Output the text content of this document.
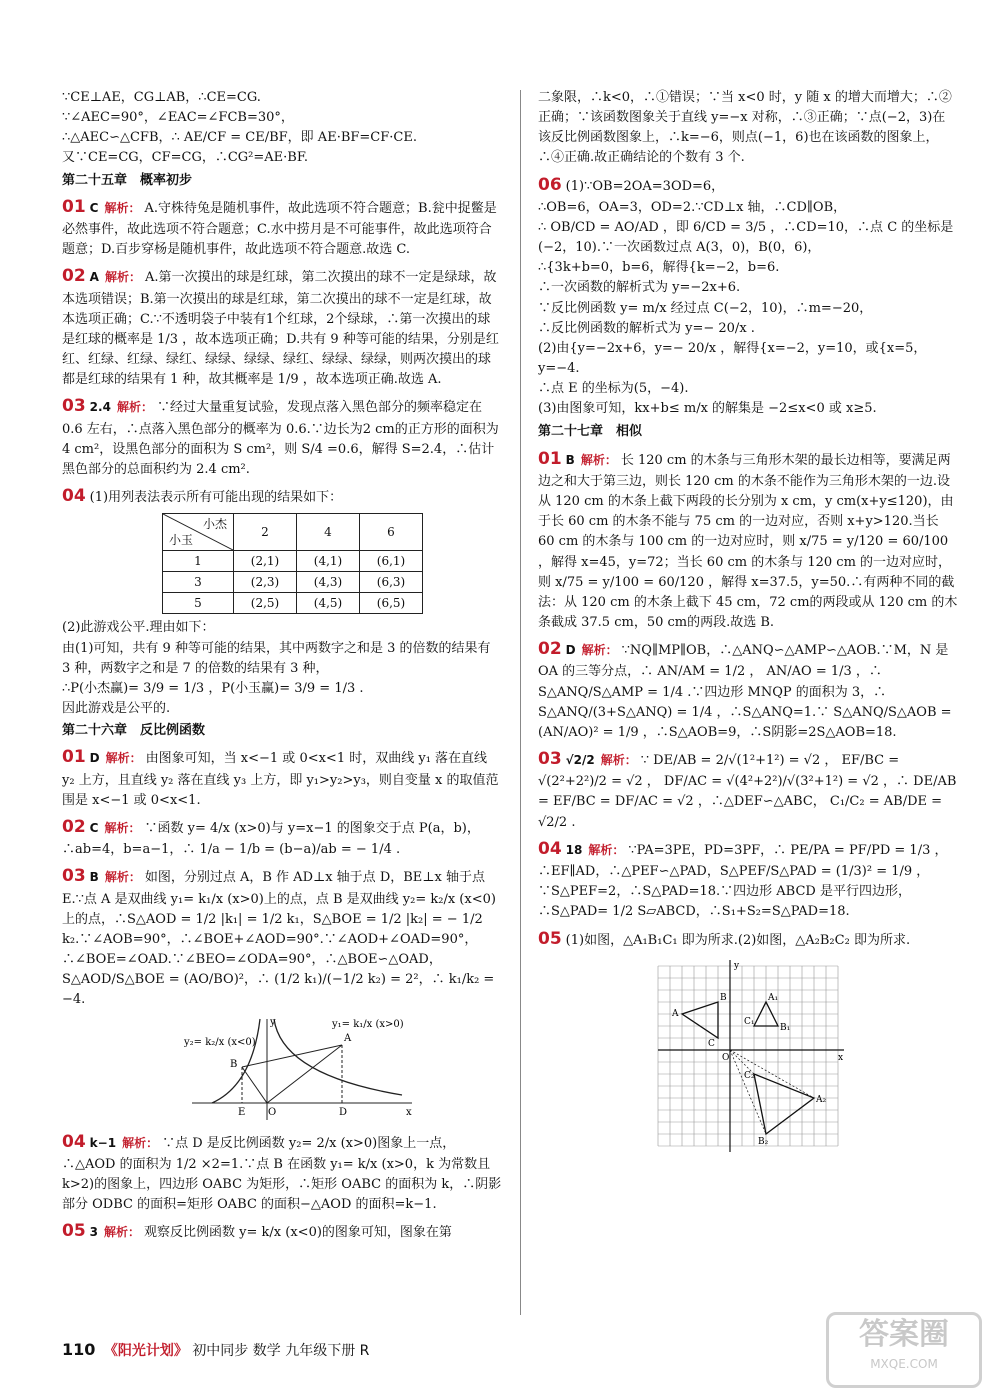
∵CE⊥AE，CG⊥AB，∴CE=CG.

∵∠AEC=90°，∠EAC=∠FCB=30°，

∴△AEC∽△CFB，∴ AE/CF = CE/BF，即 AE·BF=CF·CE.

又∵CE=CG，CF=CG，∴CG²=AE·BF.

第二十五章　概率初步
01 C 解析： A.守株待兔是随机事件，故此选项不符合题意；B.瓮中捉鳖是必然事件，故此选项不符合题意；C.水中捞月是不可能事件，故此选项符合题意；D.百步穿杨是随机事件，故此选项不符合题意.故选 C.
02 A 解析： A.第一次摸出的球是红球，第二次摸出的球不一定是绿球，故本选项错误；B.第一次摸出的球是红球，第二次摸出的球不一定是红球，故本选项正确；C.∵不透明袋子中装有1个红球，2个绿球，∴第一次摸出的球是红球的概率是 1/3 ，故本选项正确；D.共有 9 种等可能的结果，分别是红红、红绿、红绿、绿红、绿绿、绿绿、绿红、绿绿、绿绿，则两次摸出的球都是红球的结果有 1 种，故其概率是 1/9 ，故本选项正确.故选 A.
03 2.4 解析： ∵经过大量重复试验，发现点落入黑色部分的频率稳定在 0.6 左右，∴点落入黑色部分的概率为 0.6.∵边长为2 cm的正方形的面积为 4 cm²，设黑色部分的面积为 S cm²，则 S/4 =0.6，解得 S=2.4，∴估计黑色部分的总面积约为 2.4 cm².
04 (1)用列表法表示所有可能出现的结果如下：
小杰
小玉	2	4	6
1	(2,1)	(4,1)	(6,1)
3	(2,3)	(4,3)	(6,3)
5	(2,5)	(4,5)	(6,5)

(2)此游戏公平.理由如下：

由(1)可知，共有 9 种等可能的结果，其中两数字之和是 3 的倍数的结果有 3 种，两数字之和是 7 的倍数的结果有 3 种，

∴P(小杰赢)= 3/9 = 1/3 ，P(小玉赢)= 3/9 = 1/3 .

因此游戏是公平的.

第二十六章　反比例函数
01 D 解析： 由图象可知，当 x<−1 或 0<x<1 时，双曲线 y₁ 落在直线 y₂ 上方，且直线 y₂ 落在直线 y₃ 上方，即 y₁>y₂>y₃，则自变量 x 的取值范围是 x<−1 或 0<x<1.
02 C 解析： ∵函数 y= 4/x (x>0)与 y=x−1 的图象交于点 P(a，b)，∴ab=4，b=a−1，∴ 1/a − 1/b = (b−a)/ab = − 1/4 .
03 B 解析： 如图，分别过点 A，B 作 AD⊥x 轴于点 D，BE⊥x 轴于点 E.∵点 A 是双曲线 y₁= k₁/x (x>0)上的点，点 B 是双曲线 y₂= k₂/x (x<0)上的点，∴S△AOD = 1/2 |k₁| = 1/2 k₁，S△BOE = 1/2 |k₂| = − 1/2 k₂.∵∠AOB=90°，∴∠BOE+∠AOD=90°.∵∠AOD+∠OAD=90°，∴∠BOE=∠OAD.∵∠BEO=∠ODA=90°，∴△BOE∽△OAD，S△AOD/S△BOE = (AO/BO)²，∴ (1/2 k₁)/(−1/2 k₂) = 2²，∴ k₁/k₂ = −4.
y₂= k₂/x (x<0)
y₁= k₁/x (x>0)
y
x
A
B
E O	D
04 k−1 解析： ∵点 D 是反比例函数 y₂= 2/x (x>0)图象上一点，∴△AOD 的面积为 1/2 ×2=1.∵点 B 在函数 y₁= k/x (x>0，k 为常数且 k>2)的图象上，四边形 OABC 为矩形，∴矩形 OABC 的面积为 k，∴阴影部分 ODBC 的面积=矩形 OABC 的面积−△AOD 的面积=k−1.
05 3 解析： 观察反比例函数 y= k/x (x<0)的图象可知，图象在第

二象限，∴k<0，∴①错误；∵当 x<0 时，y 随 x 的增大而增大；∴②正确；∵该函数图象关于直线 y=−x 对称，∴③正确；∵点(−2，3)在该反比例函数图象上，∴k=−6，则点(−1，6)也在该函数的图象上，∴④正确.故正确结论的个数有 3 个.

06 (1)∵OB=2OA=3OD=6，

∴OB=6，OA=3，OD=2.∵CD⊥x 轴，∴CD∥OB，

∴ OB/CD = AO/AD ，即 6/CD = 3/5 ，∴CD=10，∴点 C 的坐标是(−2，10).∵一次函数过点 A(3，0)，B(0，6)，

∴{3k+b=0，b=6，解得{k=−2，b=6.

∴一次函数的解析式为 y=−2x+6.

∵反比例函数 y= m/x 经过点 C(−2，10)，∴m=−20，

∴反比例函数的解析式为 y=− 20/x .

(2)由{y=−2x+6，y=− 20/x ，解得{x=−2，y=10，或{x=5，y=−4.

∴点 E 的坐标为(5，−4).

(3)由图象可知，kx+b≤ m/x 的解集是 −2≤x<0 或 x≥5.

第二十七章　相似
01 B 解析： 长 120 cm 的木条与三角形木架的最长边相等，要满足两边之和大于第三边，则长 120 cm 的木条不能作为三角形木架的一边.设从 120 cm 的木条上截下两段的长分别为 x cm，y cm(x+y≤120)，由于长 60 cm 的木条不能与 75 cm 的一边对应，否则 x+y>120.当长 60 cm 的木条与 100 cm 的一边对应时，则 x/75 = y/120 = 60/100 ，解得 x=45，y=72；当长 60 cm 的木条与 120 cm 的一边对应时，则 x/75 = y/100 = 60/120 ，解得 x=37.5，y=50.∴有两种不同的截法：从 120 cm 的木条上截下 45 cm，72 cm的两段或从 120 cm 的木条截成 37.5 cm，50 cm的两段.故选 B.
02 D 解析： ∵NQ∥MP∥OB，∴△ANQ∽△AMP∽△AOB.∵M，N 是 OA 的三等分点，∴ AN/AM = 1/2 ， AN/AO = 1/3 ，∴ S△ANQ/S△AMP = 1/4 .∵四边形 MNQP 的面积为 3，∴ S△ANQ/(3+S△ANQ) = 1/4 ，∴S△ANQ=1.∵ S△ANQ/S△AOB = (AN/AO)² = 1/9 ，∴S△AOB=9，∴S阴影=2S△AOB=18.
03 √2/2 解析： ∵ DE/AB = 2/√(1²+1²) = √2 ， EF/BC = √(2²+2²)/2 = √2 ， DF/AC = √(4²+2²)/√(3²+1²) = √2 ，∴ DE/AB = EF/BC = DF/AC = √2 ，∴△DEF∽△ABC， C₁/C₂ = AB/DE = √2/2 .
04 18 解析： ∵PA=3PE，PD=3PF，∴ PE/PA = PF/PD = 1/3 ，∴EF∥AD，∴△PEF∽△PAD，S△PEF/S△PAD = (1/3)² = 1/9 ，∵S△PEF=2，∴S△PAD=18.∵四边形 ABCD 是平行四边形，∴S△PAD= 1/2 S▱ABCD，∴S₁+S₂=S△PAD=18.
05 (1)如图，△A₁B₁C₁ 即为所求.(2)如图，△A₂B₂C₂ 即为所求.
y
x
O
A
B
C
A₁
B₁
C₁
A₂
B₂
C₂
110 《阳光计划》 初中同步 数学 九年级下册 R	答案圈
MXQE.COM
